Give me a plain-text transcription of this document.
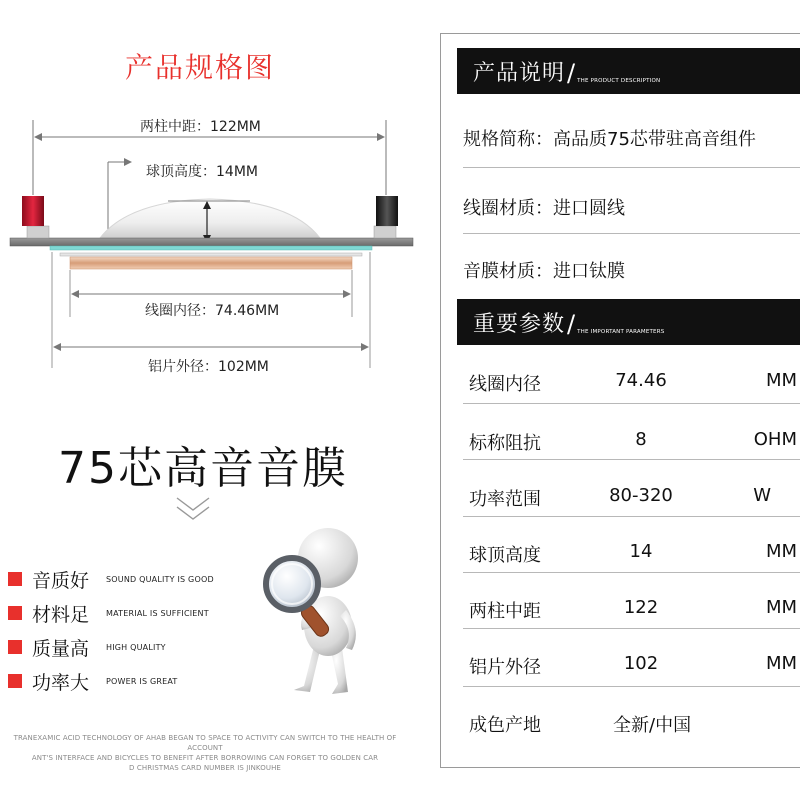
产品规格图
两柱中距：122MM
球顶高度：14MM
线圈内径：74.46MM
铝片外径：102MM
75芯高音音膜
音质好	SOUND QUALITY IS GOOD
材料足	MATERIAL IS SUFFICIENT
质量高	HIGH QUALITY
功率大	POWER IS GREAT
TRANEXAMIC ACID TECHNOLOGY OF AHAB BEGAN TO SPACE TO ACTIVITY CAN SWITCH TO THE HEALTH OF ACCOUNT
ANT'S INTERFACE AND BICYCLES TO BENEFIT AFTER BORROWING CAN FORGET TO GOLDEN CAR
D CHRISTMAS CARD NUMBER IS JINKOUHE
产品说明 / THE PRODUCT DESCRIPTION
规格简称：高品质75芯带驻高音组件
线圈材质：进口圆线
音膜材质：进口钛膜
重要参数 / THE IMPORTANT PARAMETERS
线圈内径	74.46	MM
标称阻抗	8	OHM
功率范围	80-320	W
球顶高度	14	MM
两柱中距	122	MM
铝片外径	102	MM
成色产地	全新/中国
